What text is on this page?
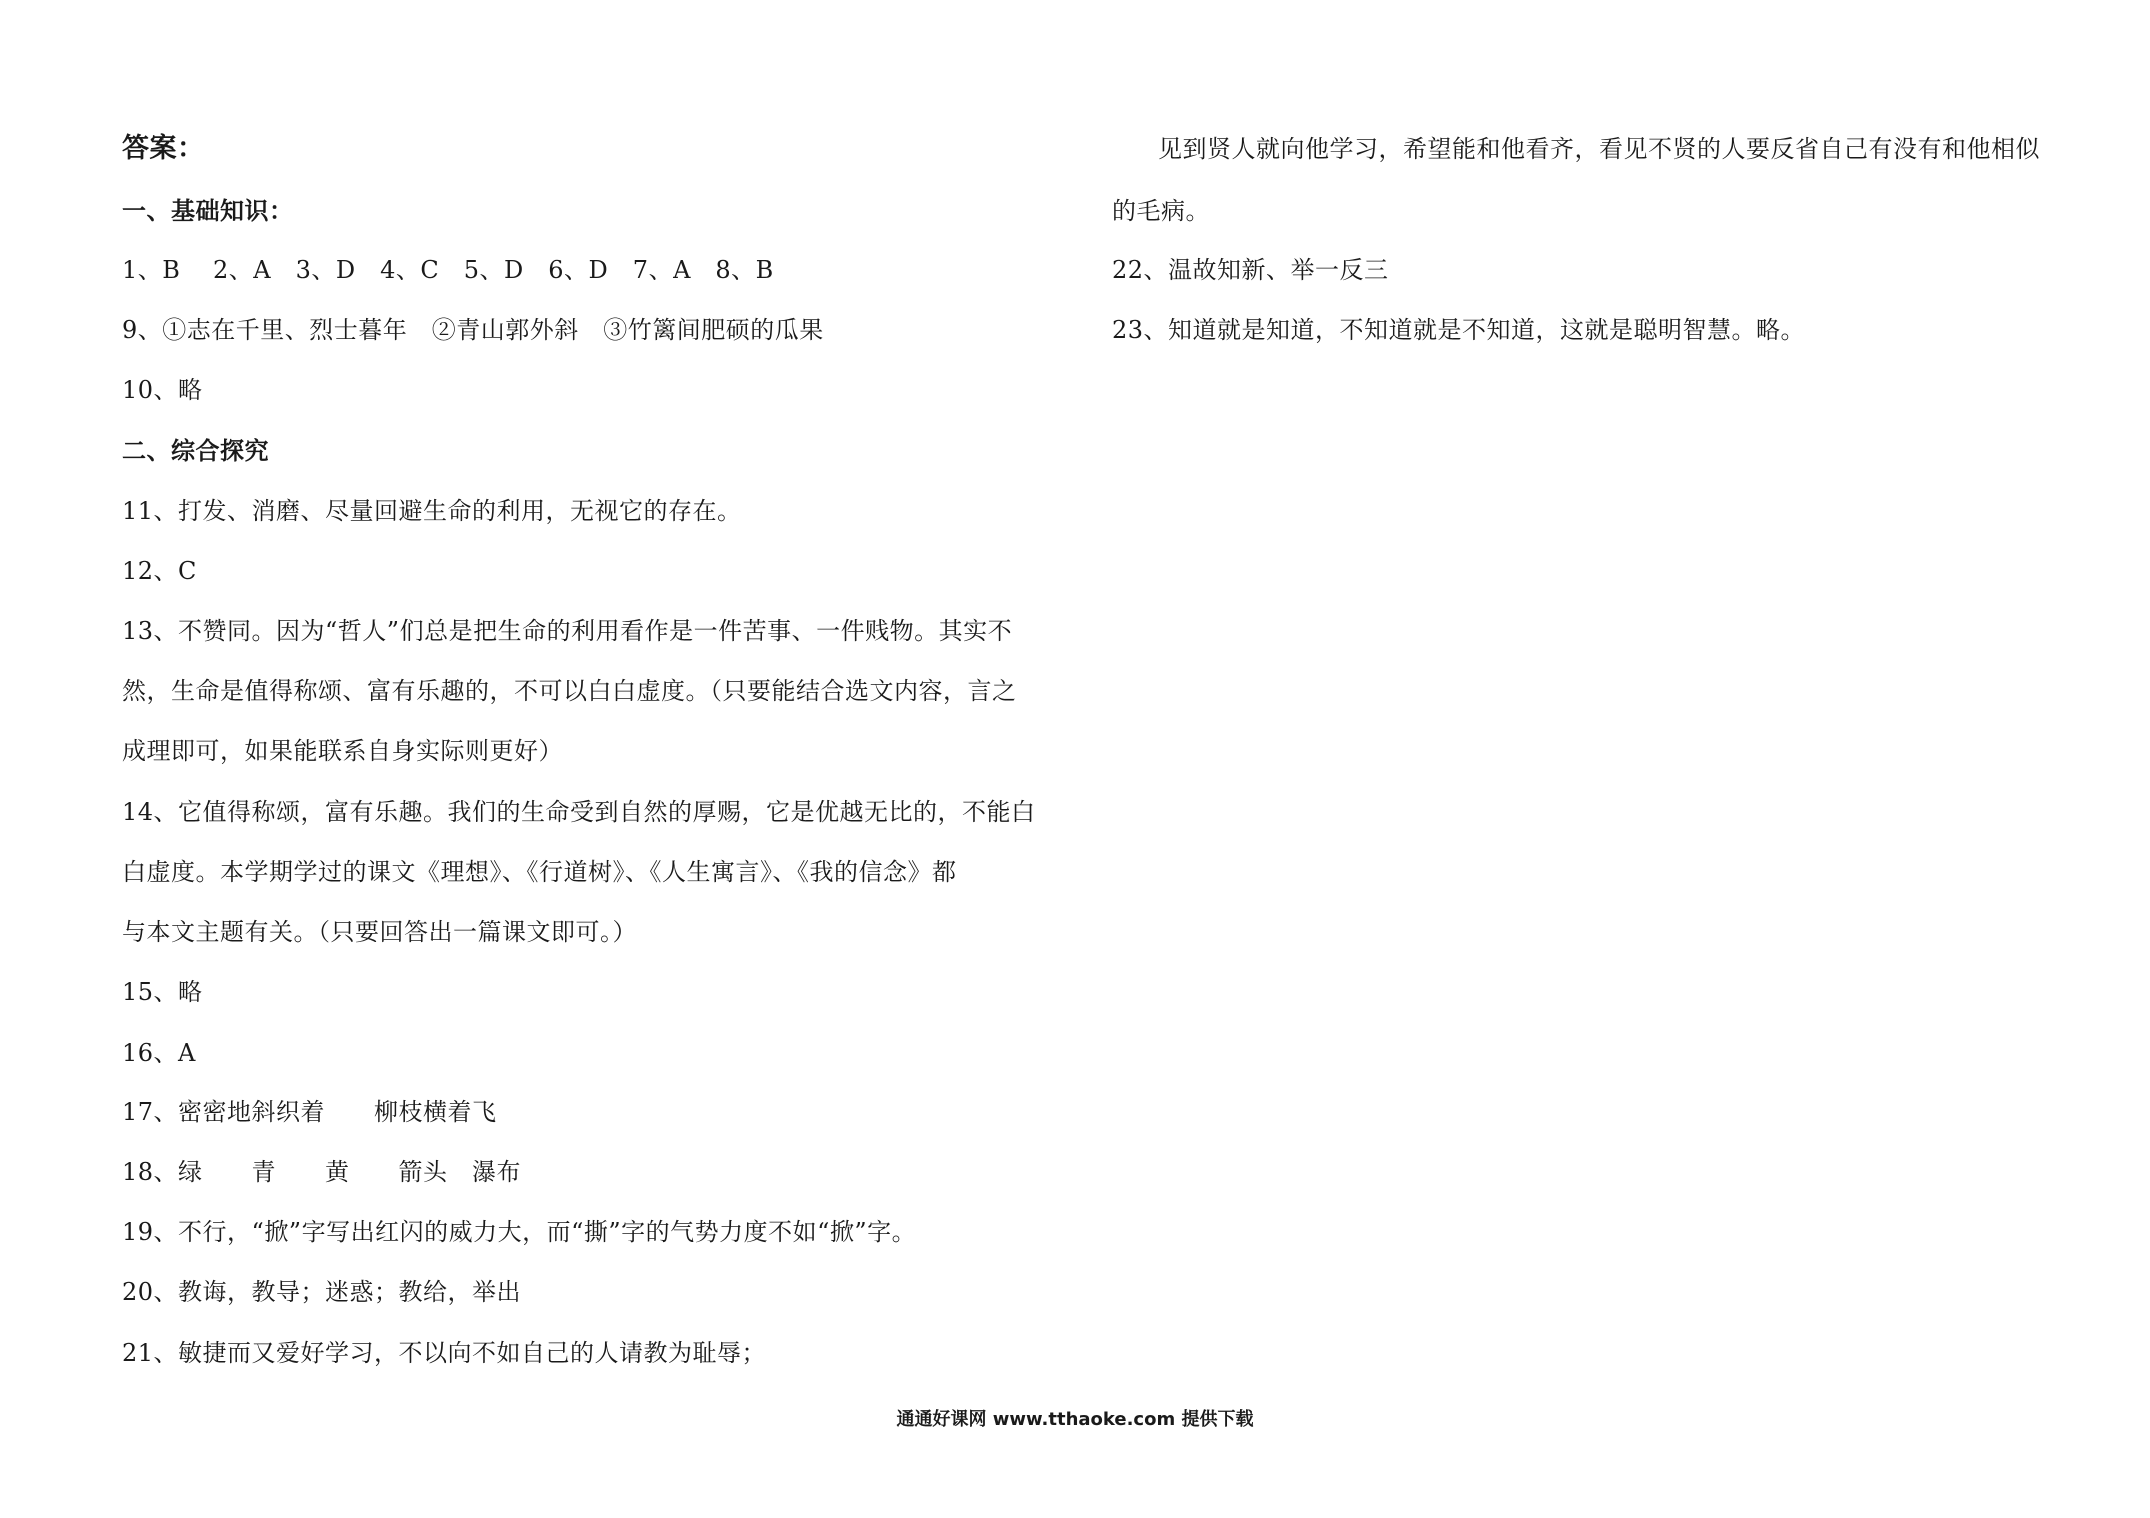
答案：
一、基础知识：
1、B　 2、A　3、D　4、C　5、D　6、D　7、A　8、B
9、①志在千里、烈士暮年　②青山郭外斜　③竹篱间肥硕的瓜果
10、略
二、综合探究
11、打发、消磨、尽量回避生命的利用，无视它的存在。
12、C
13、不赞同。因为“哲人”们总是把生命的利用看作是一件苦事、一件贱物。其实不
然，生命是值得称颂、富有乐趣的，不可以白白虚度。（只要能结合选文内容，言之
成理即可，如果能联系自身实际则更好）
14、它值得称颂，富有乐趣。我们的生命受到自然的厚赐，它是优越无比的，不能白
白虚度。本学期学过的课文《理想》、《行道树》、《人生寓言》、《我的信念》都
与本文主题有关。（只要回答出一篇课文即可。）
15、略
16、A
17、密密地斜织着　　柳枝横着飞
18、绿　　青　　黄　　箭头　瀑布
19、不行，“掀”字写出红闪的威力大，而“撕”字的气势力度不如“掀”字。
20、教诲，教导；迷惑；教给，举出
21、敏捷而又爱好学习，不以向不如自己的人请教为耻辱；
见到贤人就向他学习，希望能和他看齐，看见不贤的人要反省自己有没有和他相似
的毛病。
22、温故知新、举一反三
23、知道就是知道，不知道就是不知道，这就是聪明智慧。略。
通通好课网 www.tthaoke.com 提供下载
